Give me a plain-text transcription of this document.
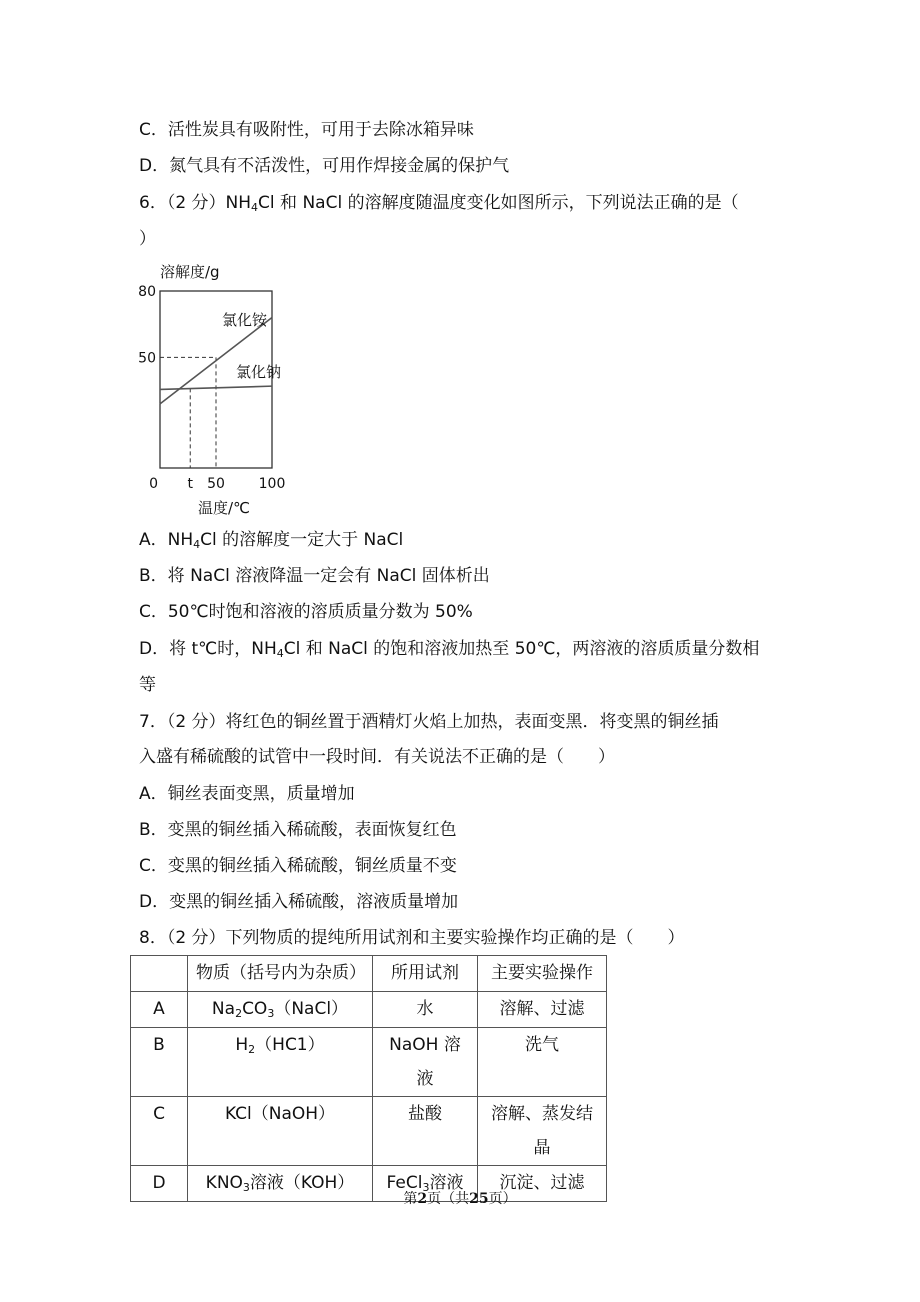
C．活性炭具有吸附性，可用于去除冰箱异味
D．氮气具有不活泼性，可用作焊接金属的保护气
6．（2 分）$NH_4Cl$ 和 NaCl 的溶解度随温度变化如图所示，下列说法正确的是（
）
溶解度/g
温度/℃
80
50
0 t 50 100
氯化铵
氯化钠
A．$NH_4Cl$ 的溶解度一定大于 NaCl
B．将 NaCl 溶液降温一定会有 NaCl 固体析出
C．50℃时饱和溶液的溶质质量分数为 50%
D．将 t℃时，$NH_4Cl$ 和 NaCl 的饱和溶液加热至 50℃，两溶液的溶质质量分数相
等
7．（2 分）将红色的铜丝置于酒精灯火焰上加热，表面变黑．将变黑的铜丝插
入盛有稀硫酸的试管中一段时间．有关说法不正确的是（　　）
A．铜丝表面变黑，质量增加
B．变黑的铜丝插入稀硫酸，表面恢复红色
C．变黑的铜丝插入稀硫酸，铜丝质量不变
D．变黑的铜丝插入稀硫酸，溶液质量增加
8．（2 分）下列物质的提纯所用试剂和主要实验操作均正确的是（　　）
	物质（括号内为杂质）	所用试剂	主要实验操作
A	$Na_2CO_3(NaCl)$	水	溶解、过滤
B	$H_2(HC1)$	NaOH 溶液	洗气
C	KCl（NaOH）	盐酸	溶解、蒸发结晶
D	$KNO_3$溶液（KOH）	FeCl$_3$溶液	沉淀、过滤
第2页（共25页）
